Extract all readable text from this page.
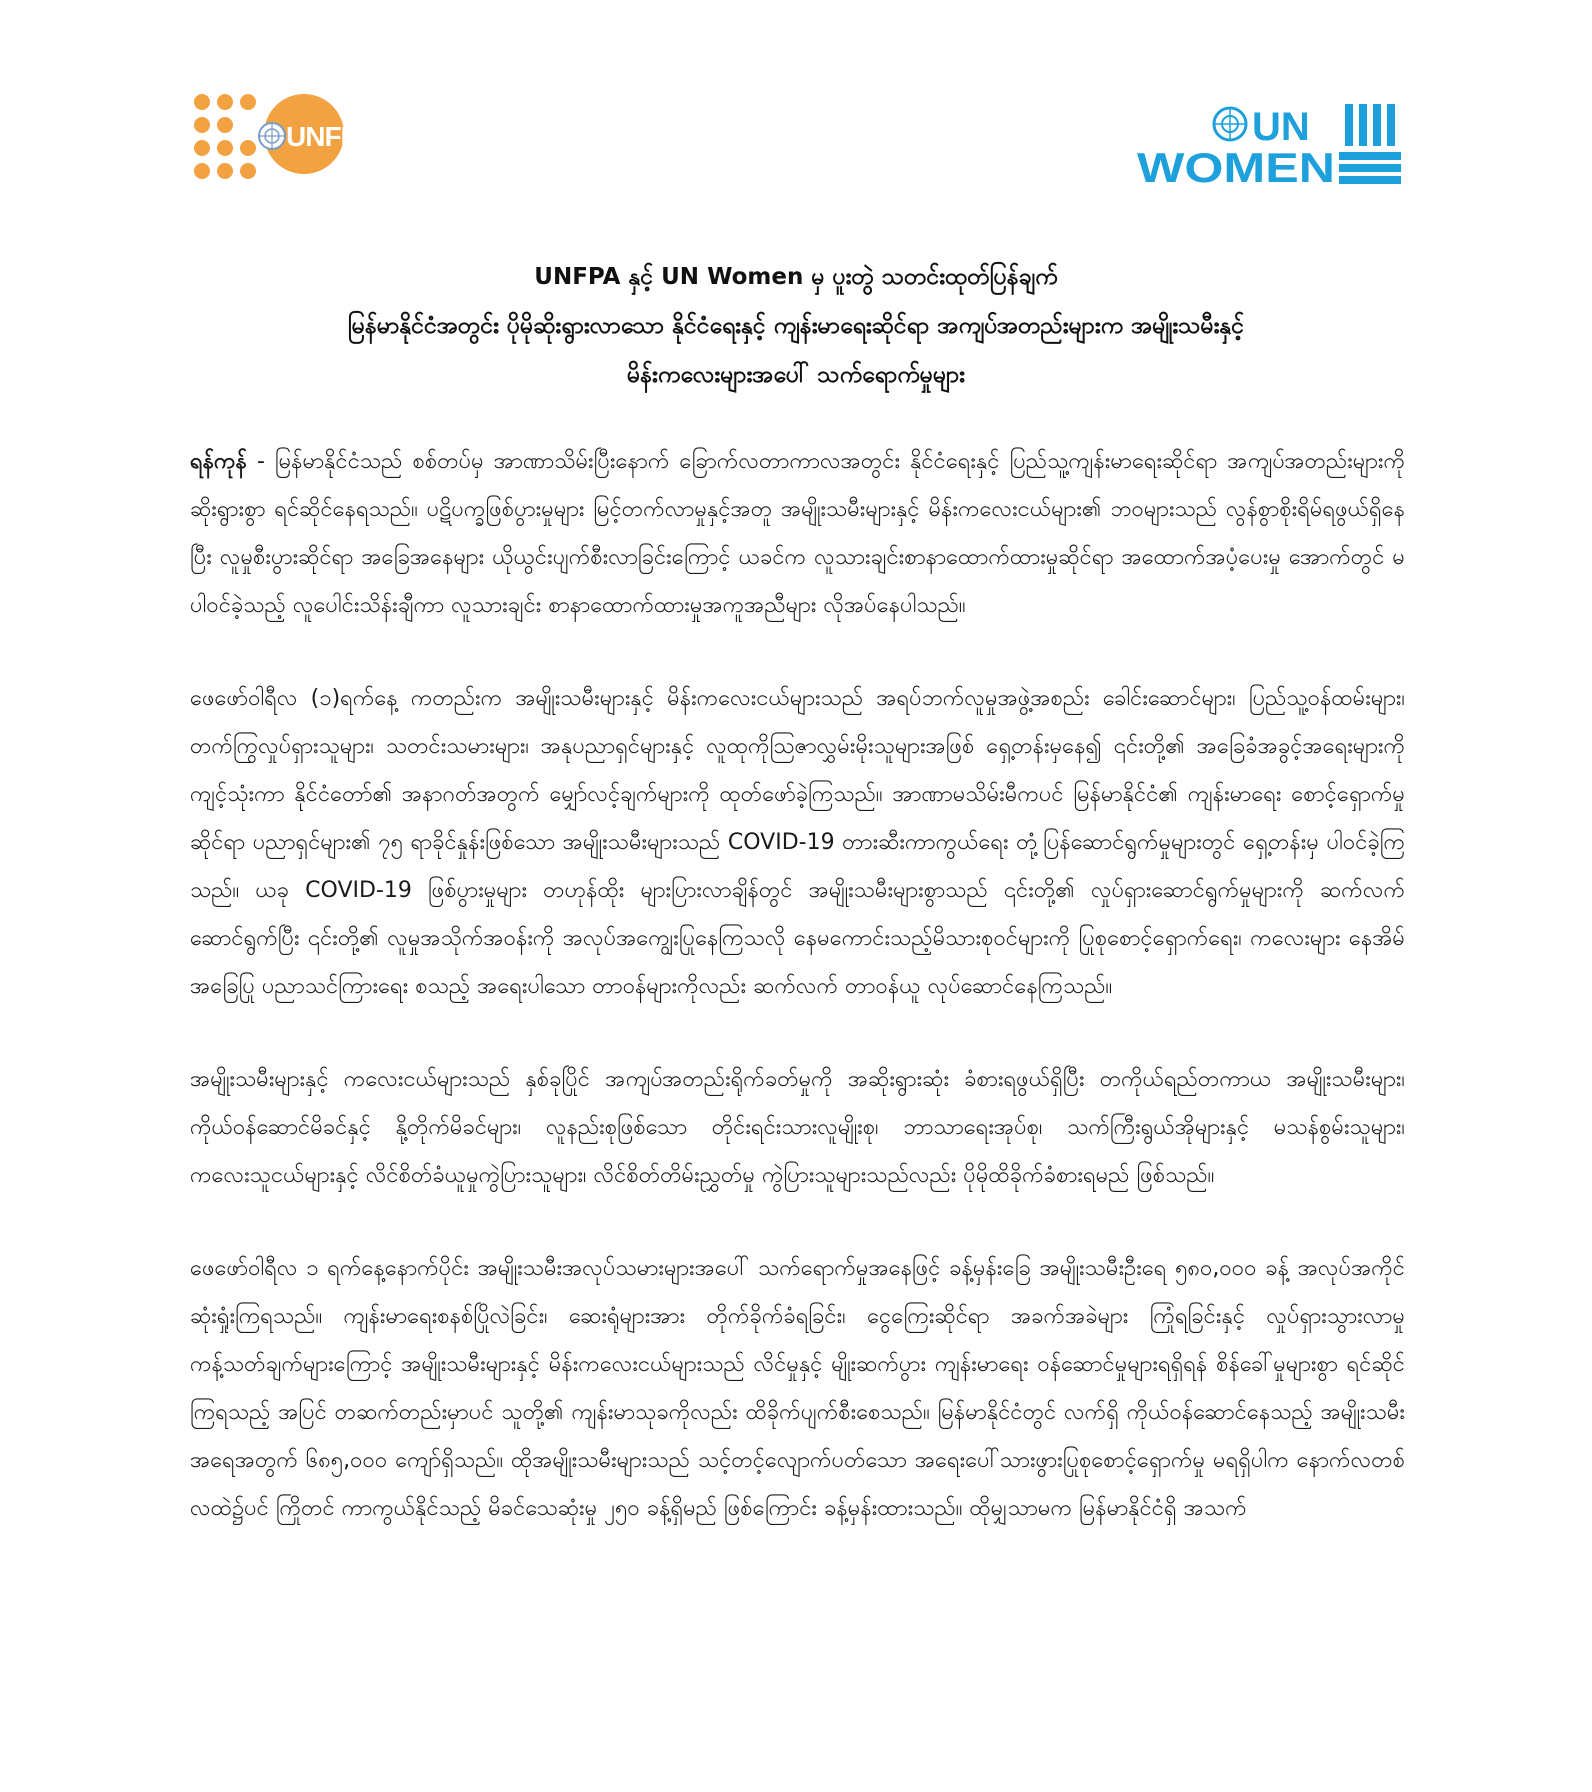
UNFPA	UN
WOMEN
UNFPA နှင့် UN Women မှ ပူးတွဲ သတင်းထုတ်ပြန်ချက်
မြန်မာနိုင်ငံအတွင်း ပိုမိုဆိုးရွားလာသော နိုင်ငံရေးနှင့် ကျန်းမာရေးဆိုင်ရာ အကျပ်အတည်းများက အမျိုးသမီးနှင့်
မိန်းကလေးများအပေါ် သက်ရောက်မှုများ

ရန်ကုန် - မြန်မာနိုင်ငံသည် စစ်တပ်မှ အာဏာသိမ်းပြီးနောက် ခြောက်လတာကာလအတွင်း နိုင်ငံရေးနှင့် ပြည်သူ့ကျန်းမာရေးဆိုင်ရာ အကျပ်အတည်းများကို ဆိုးရွားစွာ ရင်ဆိုင်နေရသည်။ ပဋိပက္ခဖြစ်ပွားမှုများ မြင့်တက်လာမှုနှင့်အတူ အမျိုးသမီးများနှင့် မိန်းကလေးငယ်များ၏ ဘဝများသည် လွန်စွာစိုးရိမ်ရဖွယ်ရှိနေပြီး လူမှုစီးပွားဆိုင်ရာ အခြေအနေများ ယိုယွင်းပျက်စီးလာခြင်းကြောင့် ယခင်က လူသားချင်းစာနာထောက်ထားမှုဆိုင်ရာ အထောက်အပံ့ပေးမှု အောက်တွင် မပါဝင်ခဲ့သည့် လူပေါင်းသိန်းချီကာ လူသားချင်း စာနာထောက်ထားမှုအကူအညီများ လိုအပ်နေပါသည်။

ဖေဖော်ဝါရီလ (၁)ရက်နေ့ ကတည်းက အမျိုးသမီးများနှင့် မိန်းကလေးငယ်များသည် အရပ်ဘက်လူမှုအဖွဲ့အစည်း ခေါင်းဆောင်များ၊ ပြည်သူ့ဝန်ထမ်းများ၊ တက်ကြွလှုပ်ရှားသူများ၊ သတင်းသမားများ၊ အနုပညာရှင်များနှင့် လူထုကိုသြဇာလွှမ်းမိုးသူများအဖြစ် ရှေ့တန်းမှနေ၍ ၎င်းတို့၏ အခြေခံအခွင့်အရေးများကို ကျင့်သုံးကာ နိုင်ငံတော်၏ အနာဂတ်အတွက် မျှော်လင့်ချက်များကို ထုတ်ဖော်ခဲ့ကြသည်။ အာဏာမသိမ်းမီကပင် မြန်မာနိုင်ငံ၏ ကျန်းမာရေး စောင့်ရှောက်မှုဆိုင်ရာ ပညာရှင်များ၏ ၇၅ ရာခိုင်နှုန်းဖြစ်သော အမျိုးသမီးများသည် COVID-19 တားဆီးကာကွယ်ရေး တုံ့ပြန်ဆောင်ရွက်မှုများတွင် ရှေ့တန်းမှ ပါဝင်ခဲ့ကြသည်။ ယခု COVID-19 ဖြစ်ပွားမှုများ တဟုန်ထိုး များပြားလာချိန်တွင် အမျိုးသမီးများစွာသည် ၎င်းတို့၏ လှုပ်ရှားဆောင်ရွက်မှုများကို ဆက်လက်ဆောင်ရွက်ပြီး ၎င်းတို့၏ လူမှုအသိုက်အဝန်းကို အလုပ်အကျွေးပြုနေကြသလို နေမကောင်းသည့်မိသားစုဝင်များကို ပြုစုစောင့်ရှောက်ရေး၊ ကလေးများ နေအိမ်အခြေပြု ပညာသင်ကြားရေး စသည့် အရေးပါသော တာဝန်များကိုလည်း ဆက်လက် တာဝန်ယူ လုပ်ဆောင်နေကြသည်။

အမျိုးသမီးများနှင့် ကလေးငယ်များသည် နှစ်ခုပြိုင် အကျပ်အတည်းရိုက်ခတ်မှုကို အဆိုးရွားဆုံး ခံစားရဖွယ်ရှိပြီး တကိုယ်ရည်တကာယ အမျိုးသမီးများ၊ ကိုယ်ဝန်ဆောင်မိခင်နှင့် နို့တိုက်မိခင်များ၊ လူနည်းစုဖြစ်သော တိုင်းရင်းသားလူမျိုးစု၊ ဘာသာရေးအုပ်စု၊ သက်ကြီးရွယ်အိုများနှင့် မသန်စွမ်းသူများ၊ ကလေးသူငယ်များနှင့် လိင်စိတ်ခံယူမှုကွဲပြားသူများ၊ လိင်စိတ်တိမ်းညွှတ်မှု ကွဲပြားသူများသည်လည်း ပိုမိုထိခိုက်ခံစားရမည် ဖြစ်သည်။

ဖေဖော်ဝါရီလ ၁ ရက်နေ့နောက်ပိုင်း အမျိုးသမီးအလုပ်သမားများအပေါ် သက်ရောက်မှုအနေဖြင့် ခန့်မှန်းခြေ အမျိုးသမီးဦးရေ ၅၈၀,၀၀၀ ခန့် အလုပ်အကိုင်ဆုံးရှုံးကြရသည်။ ကျန်းမာရေးစနစ်ပြိုလဲခြင်း၊ ဆေးရုံများအား တိုက်ခိုက်ခံရခြင်း၊ ငွေကြေးဆိုင်ရာ အခက်အခဲများ ကြုံရခြင်းနှင့် လှုပ်ရှားသွားလာမှု ကန့်သတ်ချက်များကြောင့် အမျိုးသမီးများနှင့် မိန်းကလေးငယ်များသည် လိင်မှုနှင့် မျိုးဆက်ပွား ကျန်းမာရေး ဝန်ဆောင်မှုများရရှိရန် စိန်ခေါ်မှုများစွာ ရင်ဆိုင်ကြရသည့် အပြင် တဆက်တည်းမှာပင် သူတို့၏ ကျန်းမာသုခကိုလည်း ထိခိုက်ပျက်စီးစေသည်။ မြန်မာနိုင်ငံတွင် လက်ရှိ ကိုယ်ဝန်ဆောင်နေသည့် အမျိုးသမီးအရေအတွက် ၆၈၅,၀၀၀ ကျော်ရှိသည်။ ထိုအမျိုးသမီးများသည် သင့်တင့်လျောက်ပတ်သော အရေးပေါ်သားဖွားပြုစုစောင့်ရှောက်မှု မရရှိပါက နောက်လတစ်လထဲ၌ပင် ကြိုတင် ကာကွယ်နိုင်သည့် မိခင်သေဆုံးမှု ၂၅၀ ခန့်ရှိမည် ဖြစ်ကြောင်း ခန့်မှန်းထားသည်။ ထိုမျှသာမက မြန်မာနိုင်ငံရှိ အသက်
